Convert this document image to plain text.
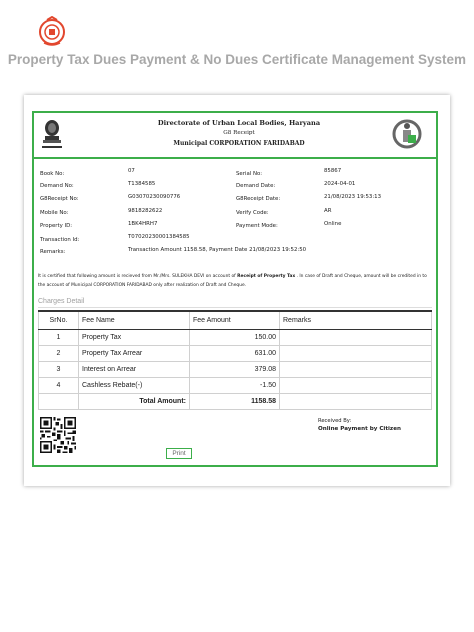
Property Tax Dues Payment & No Dues Certificate Management System
Directorate of Urban Local Bodies, Haryana
G8 Receipt
Municipal CORPORATION FARIDABAD
Book No:	07
Demand No:	T1384585
G8Receipt No:	G03070230090776
Mobile No:	9818282622
Property ID:	1BK4HRH7
Transaction Id:	T07020230001384585
Remarks:	Transaction Amount 1158.58, Payment Date 21/08/2023 19:52:50
Serial No:	85867
Demand Date:	2024-04-01
G8Receipt Date:	21/08/2023 19:53:13
Verify Code:	AR
Payment Mode:	Online
It is certified that following amount is recieved from Mr./Mrs. SULEKHA DEVI on account of Receipt of Property Tax . In case of Draft and Cheque, amount will be credited in to the account of Municipal CORPORATION FARIDABAD only after realization of Draft and Cheque.
Charges Detail
SrNo.	Fee Name	Fee Amount	Remarks
1	Property Tax	150.00	
2	Property Tax Arrear	631.00	
3	Interest on Arrear	379.08	
4	Cashless Rebate(-)	-1.50	
	Total Amount:	1158.58	
Received By:
Online Payment by Citizen
Print
